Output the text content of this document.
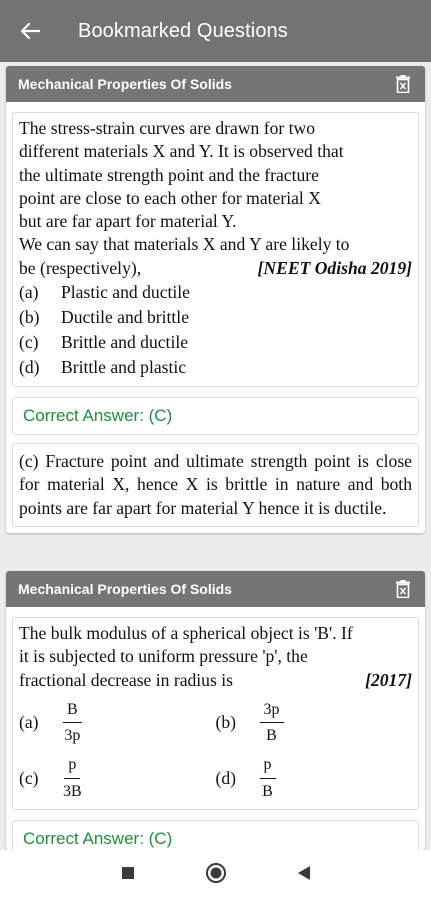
Bookmarked Questions
Mechanical Properties Of Solids
The stress-strain curves are drawn for two
different materials X and Y. It is observed that
the ultimate strength point and the fracture
point are close to each other for material X
but are far apart for material Y.
We can say that materials X and Y are likely to
be (respectively),	[NEET Odisha 2019]
(a)	Plastic and ductile
(b)	Ductile and brittle
(c)	Brittle and ductile
(d)	Brittle and plastic
Correct Answer: (C)
(c) Fracture point and ultimate strength point is close for material X, hence X is brittle in nature and both points are far apart for material Y hence it is ductile.
Mechanical Properties Of Solids
The bulk modulus of a spherical object is 'B'. If
it is subjected to uniform pressure 'p', the
fractional decrease in radius is	[2017]
(a)	$\frac{B}{3p}$	(b)	$\frac{3p}{B}$
(c)	$\frac{p}{3B}$	(d)	$\frac{p}{B}$
Correct Answer: (C)
